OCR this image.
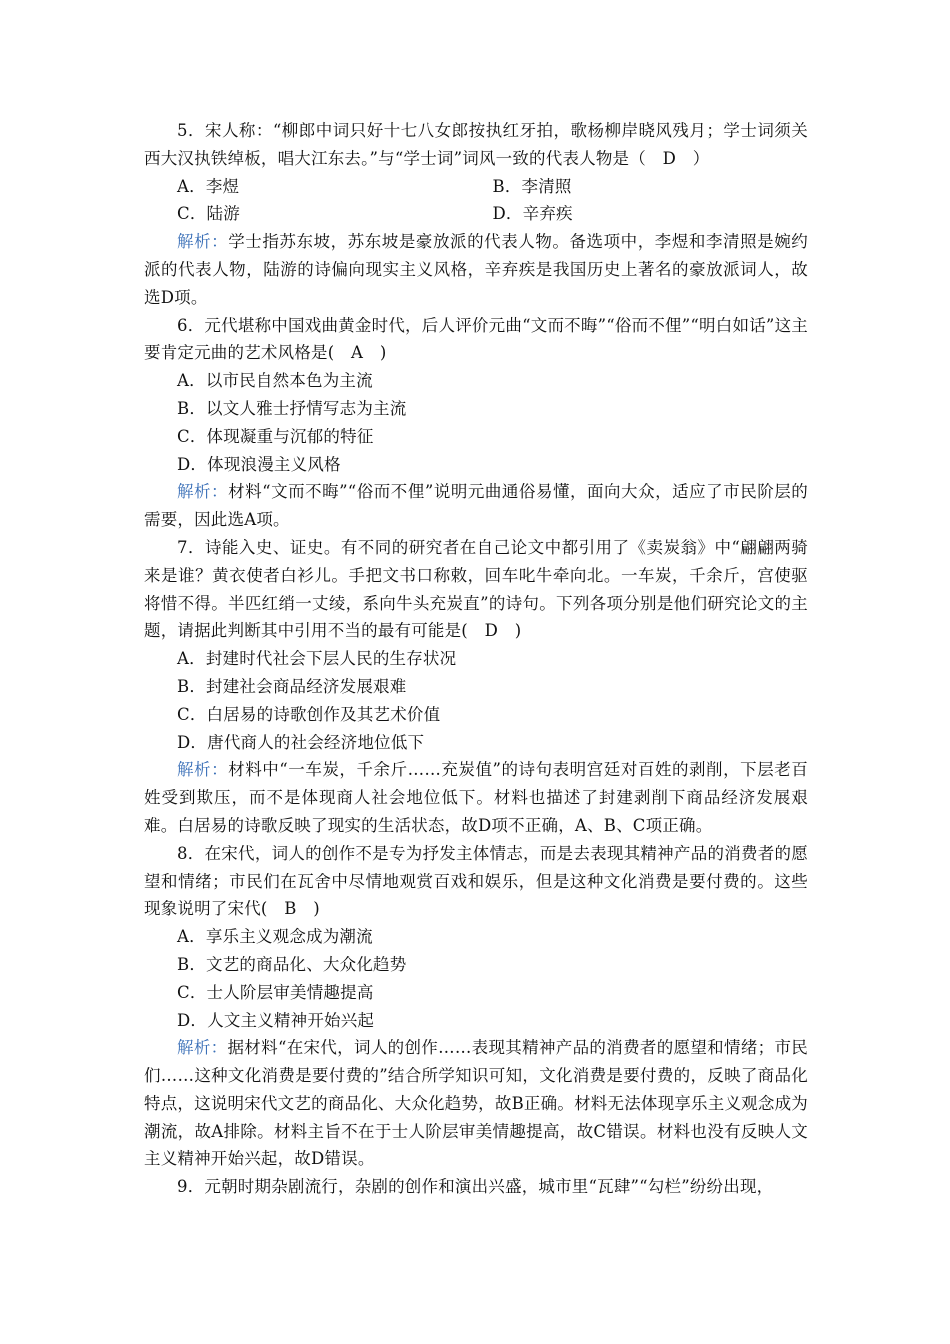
5．宋人称：“柳郎中词只好十七八女郎按执红牙拍，歌杨柳岸晓风残月；学士词须关西大汉执铁绰板，唱大江东去。”与“学士词”词风一致的代表人物是（　D　）

A．李煜	B．李清照
C．陆游	D．辛弃疾

解析：学士指苏东坡，苏东坡是豪放派的代表人物。备选项中，李煜和李清照是婉约派的代表人物，陆游的诗偏向现实主义风格，辛弃疾是我国历史上著名的豪放派词人，故选D项。

6．元代堪称中国戏曲黄金时代，后人评价元曲“文而不晦”“俗而不俚”“明白如话”这主要肯定元曲的艺术风格是(　A　)

A．以市民自然本色为主流

B．以文人雅士抒情写志为主流

C．体现凝重与沉郁的特征

D．体现浪漫主义风格

解析：材料“文而不晦”“俗而不俚”说明元曲通俗易懂，面向大众，适应了市民阶层的需要，因此选A项。

7．诗能入史、证史。有不同的研究者在自己论文中都引用了《卖炭翁》中“翩翩两骑来是谁？黄衣使者白衫儿。手把文书口称敕，回车叱牛牵向北。一车炭，千余斤，宫使驱将惜不得。半匹红绡一丈绫，系向牛头充炭直”的诗句。下列各项分别是他们研究论文的主题，请据此判断其中引用不当的最有可能是(　D　)

A．封建时代社会下层人民的生存状况

B．封建社会商品经济发展艰难

C．白居易的诗歌创作及其艺术价值

D．唐代商人的社会经济地位低下

解析：材料中“一车炭，千余斤……充炭值”的诗句表明宫廷对百姓的剥削，下层老百姓受到欺压，而不是体现商人社会地位低下。材料也描述了封建剥削下商品经济发展艰难。白居易的诗歌反映了现实的生活状态，故D项不正确，A、B、C项正确。

8．在宋代，词人的创作不是专为抒发主体情志，而是去表现其精神产品的消费者的愿望和情绪；市民们在瓦舍中尽情地观赏百戏和娱乐，但是这种文化消费是要付费的。这些现象说明了宋代(　B　)

A．享乐主义观念成为潮流

B．文艺的商品化、大众化趋势

C．士人阶层审美情趣提高

D．人文主义精神开始兴起

解析：据材料“在宋代，词人的创作……表现其精神产品的消费者的愿望和情绪；市民们……这种文化消费是要付费的”结合所学知识可知，文化消费是要付费的，反映了商品化特点，这说明宋代文艺的商品化、大众化趋势，故B正确。材料无法体现享乐主义观念成为潮流，故A排除。材料主旨不在于士人阶层审美情趣提高，故C错误。材料也没有反映人文主义精神开始兴起，故D错误。

9．元朝时期杂剧流行，杂剧的创作和演出兴盛，城市里“瓦肆”“勾栏”纷纷出现，
